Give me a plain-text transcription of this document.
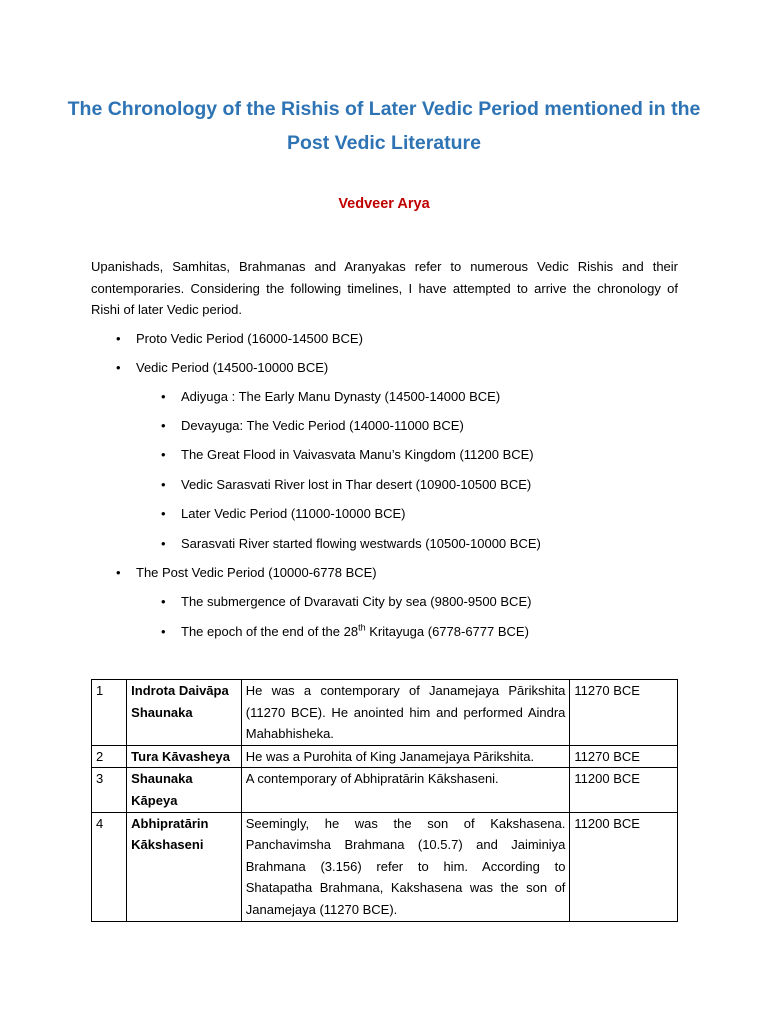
The Chronology of the Rishis of Later Vedic Period mentioned in the Post Vedic Literature

Vedveer Arya

Upanishads, Samhitas, Brahmanas and Aranyakas refer to numerous Vedic Rishis and their contemporaries. Considering the following timelines, I have attempted to arrive the chronology of Rishi of later Vedic period.

• Proto Vedic Period (16000-14500 BCE)
• Vedic Period (14500-10000 BCE)
• Adiyuga : The Early Manu Dynasty (14500-14000 BCE)
• Devayuga: The Vedic Period (14000-11000 BCE)
• The Great Flood in Vaivasvata Manu’s Kingdom (11200 BCE)
• Vedic Sarasvati River lost in Thar desert (10900-10500 BCE)
• Later Vedic Period (11000-10000 BCE)
• Sarasvati River started flowing westwards (10500-10000 BCE)
• The Post Vedic Period (10000-6778 BCE)
• The submergence of Dvaravati City by sea (9800-9500 BCE)
• The epoch of the end of the 28th Kritayuga (6778-6777 BCE)
1	Indrota Daivāpa Shaunaka	He was a contemporary of Janamejaya Pārikshita (11270 BCE). He anointed him and performed Aindra Mahabhisheka.	11270 BCE
2	Tura Kāvasheya	He was a Purohita of King Janamejaya Pārikshita.	11270 BCE
3	Shaunaka Kāpeya	A contemporary of Abhipratārin Kākshaseni.	11200 BCE
4	Abhipratārin Kākshaseni	Seemingly, he was the son of Kakshasena. Panchavimsha Brahmana (10.5.7) and Jaiminiya Brahmana (3.156) refer to him. According to Shatapatha Brahmana, Kakshasena was the son of Janamejaya (11270 BCE).	11200 BCE
